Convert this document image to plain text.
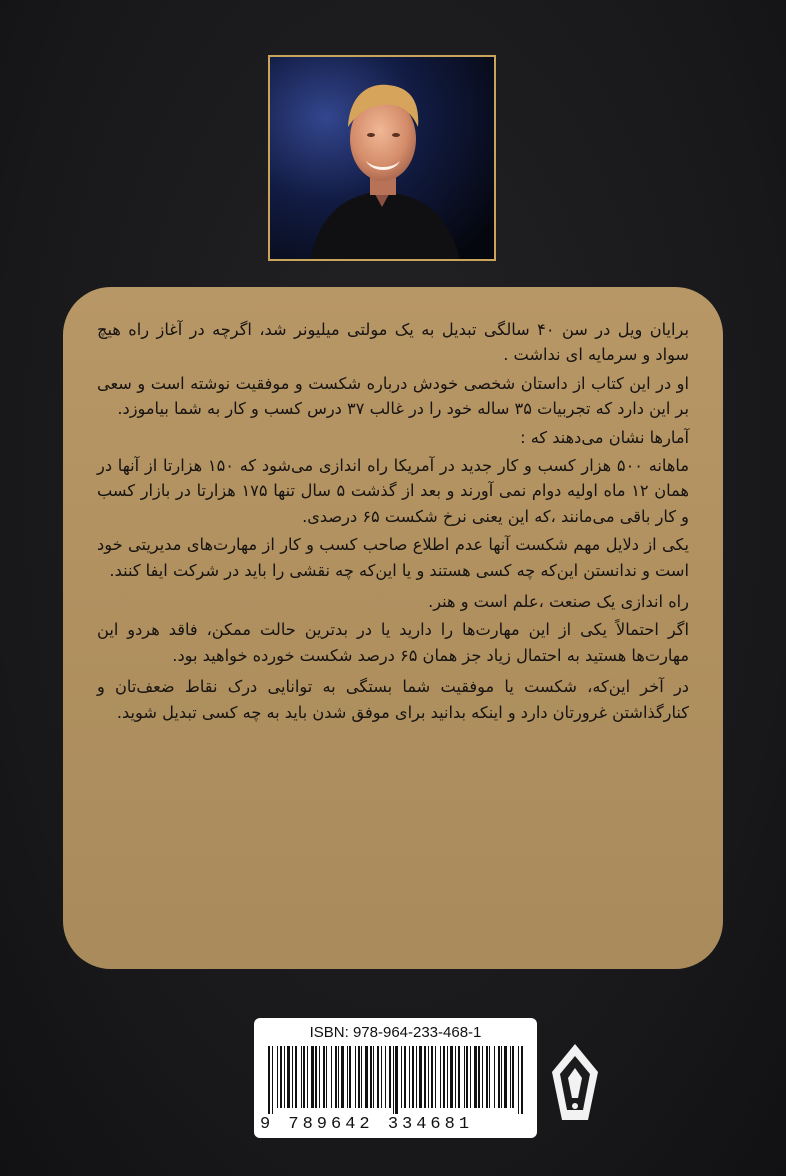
برایان ویل در سن ۴۰ سالگی تبدیل به یک مولتی میلیونر شد، اگرچه در آغاز راه هیچ سواد و سرمایه ای نداشت .

او در این کتاب از داستان شخصی خودش درباره شکست و موفقیت نوشته است و سعی بر این دارد که تجربیات ۳۵ ساله خود را در غالب ۳۷ درس کسب و کار به شما بیاموزد.

آمارها نشان می‌دهند که :

ماهانه ۵۰۰ هزار کسب و کار جدید در آمریکا راه اندازی می‌شود که ۱۵۰ هزارتا از آنها در همان ۱۲ ماه اولیه دوام نمی آورند و بعد از گذشت ۵ سال تنها ۱۷۵ هزارتا در بازار کسب و کار باقی می‌مانند ،که این یعنی نرخ شکست ۶۵ درصدی.

یکی از دلایل مهم شکست آنها عدم اطلاع صاحب کسب و کار از مهارت‌های مدیریتی خود است و ندانستن این‌که چه کسی هستند و یا این‌که چه نقشی را باید در شرکت ایفا کنند.

راه اندازی یک صنعت ،علم است و هنر.

اگر احتمالاً یکی از این مهارت‌ها را دارید یا در بدترین حالت ممکن، فاقد هردو این مهارت‌ها هستید به احتمال زیاد جز همان ۶۵ درصد شکست خورده خواهید بود.

در آخر این‌که، شکست یا موفقیت شما بستگی به توانایی درک نقاط ضعف‌تان و کنارگذاشتن غرورتان دارد و اینکه بدانید برای موفق شدن باید به چه کسی تبدیل شوید.

ISBN: 978-964-233-468-1
9 789642 334681
